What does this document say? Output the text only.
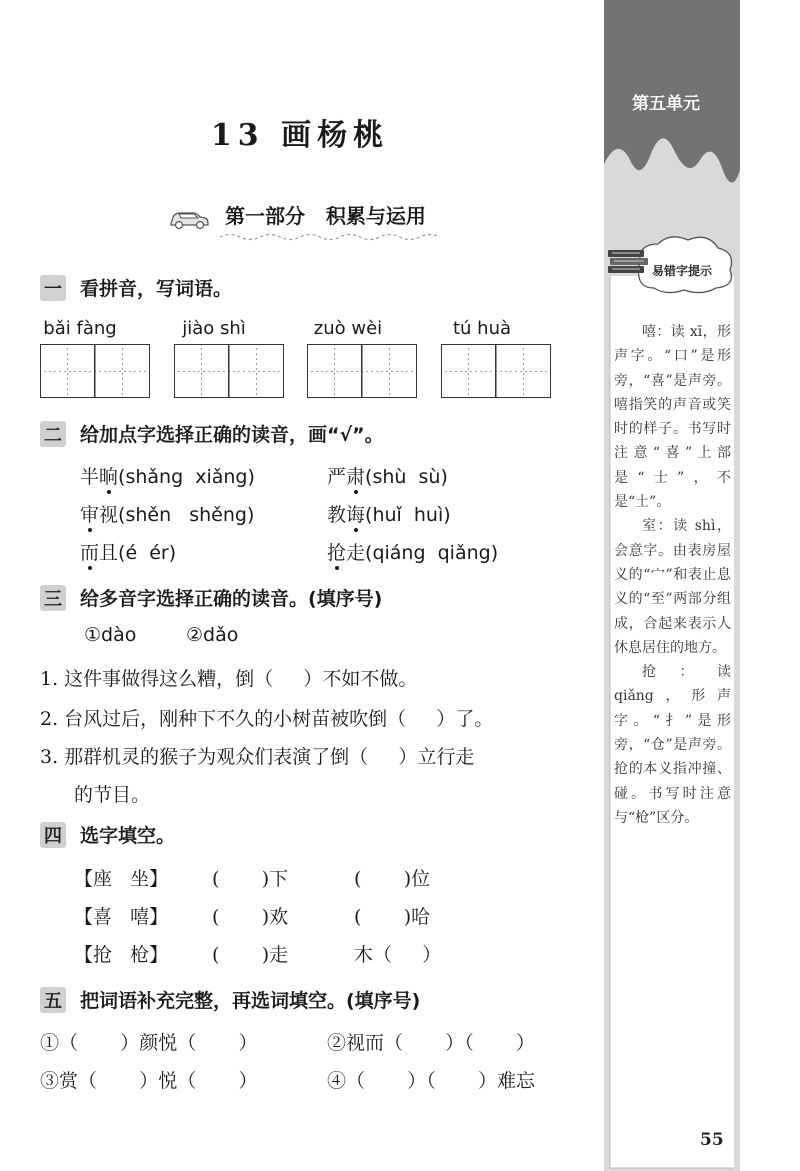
13 画杨桃
第一部分   积累与运用
一 看拼音，写词语。
bǎi fàng	jiào shì	zuò wèi	tú huà
二 给加点字选择正确的读音，画“√”。
半晌(shǎng  xiǎng)	严肃(shù  sù)
审视(shěn   shěng)	教诲(huǐ  huì)
而且(é  ér)	抢走(qiáng  qiǎng)
三 给多音字选择正确的读音。(填序号)
①dào	②dǎo
1. 这件事做得这么糟，倒（     ）不如不做。
2. 台风过后，刚种下不久的小树苗被吹倒（     ）了。
3. 那群机灵的猴子为观众们表演了倒（     ）立行走
的节目。
四 选字填空。
【座   坐】 (       )下	(       )位
【喜   嘻】 (       )欢	(       )哈
【抢   枪】 (       )走	木（     ）
五 把词语补充完整，再选词填空。(填序号)
①（       ）颜悦（       ）	②视而（       ）（       ）
③赏（       ）悦（       ）	④（       ）（       ）难忘
第五单元
易错字提示

嘻：读 xī，形声字。“口”是形旁，“喜”是声旁。嘻指笑的声音或笑时的样子。书写时注意“喜”上部是“士”，不是“土”。

室：读 shì，会意字。由表房屋义的“宀”和表止息义的“至”两部分组成，合起来表示人休息居住的地方。

抢：读 qiǎng，形声字。“扌”是形旁，“仓”是声旁。抢的本义指冲撞、碰。书写时注意与“枪”区分。

55
